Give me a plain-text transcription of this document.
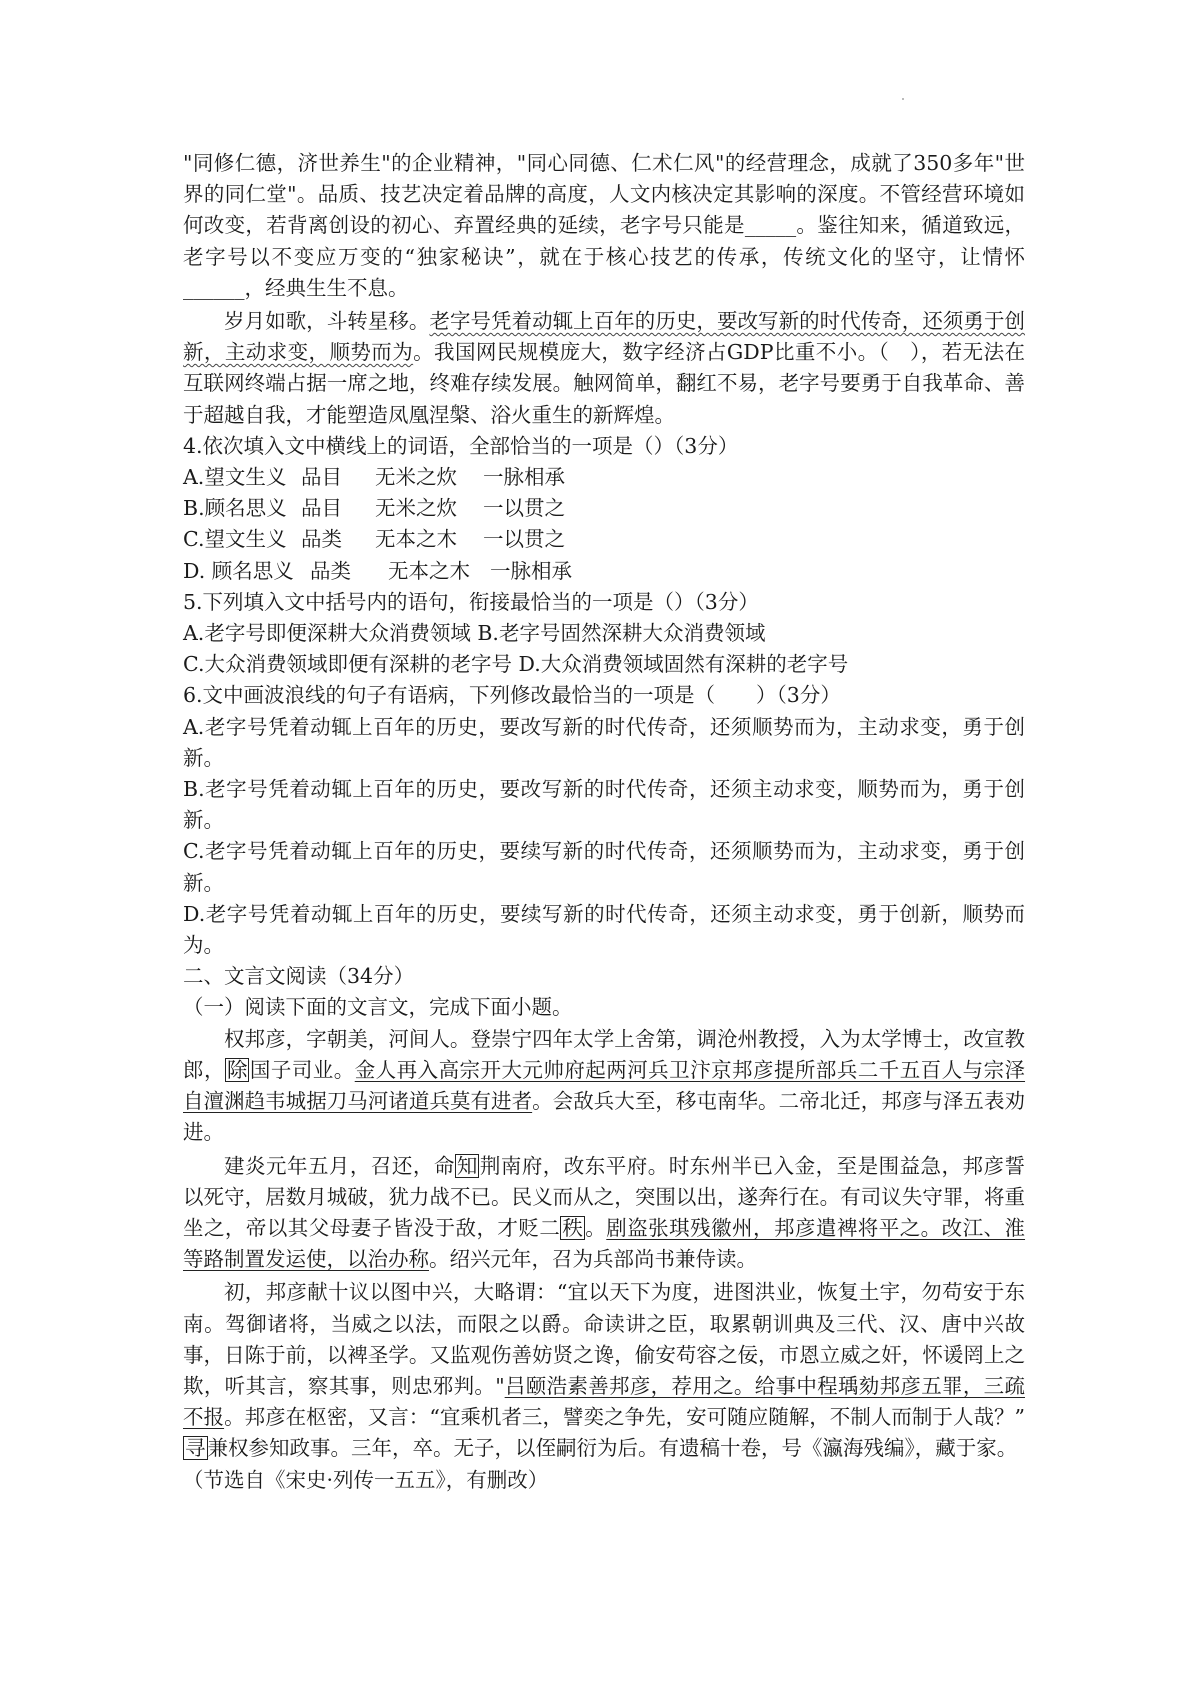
"同修仁德，济世养生"的企业精神，"同心同德、仁术仁风"的经营理念，成就了350多年"世界的同仁堂"。品质、技艺决定着品牌的高度，人文内核决定其影响的深度。不管经营环境如何改变，若背离创设的初心、弃置经典的延续，老字号只能是_____。鉴往知来，循道致远，老字号以不变应万变的“独家秘诀”，就在于核心技艺的传承，传统文化的坚守，让情怀______，经典生生不息。

岁月如歌，斗转星移。老字号凭着动辄上百年的历史，要改写新的时代传奇，还须勇于创新，主动求变，顺势而为。我国网民规模庞大，数字经济占GDP比重不小。（　），若无法在互联网终端占据一席之地，终难存续发展。触网简单，翻红不易，老字号要勇于自我革命、善于超越自我，才能塑造凤凰涅槃、浴火重生的新辉煌。

4.依次填入文中横线上的词语，全部恰当的一项是（）（3分）

A.望文生义 品目 无米之炊 一脉相承

B.顾名思义 品目 无米之炊 一以贯之

C.望文生义 品类 无本之木 一以贯之

D. 顾名思义 品类 无本之木 一脉相承

5.下列填入文中括号内的语句，衔接最恰当的一项是（）（3分）

A.老字号即便深耕大众消费领域 B.老字号固然深耕大众消费领域

C.大众消费领域即便有深耕的老字号 D.大众消费领域固然有深耕的老字号

6.文中画波浪线的句子有语病，下列修改最恰当的一项是（　　）（3分）

A.老字号凭着动辄上百年的历史，要改写新的时代传奇，还须顺势而为，主动求变，勇于创新。

B.老字号凭着动辄上百年的历史，要改写新的时代传奇，还须主动求变，顺势而为，勇于创新。

C.老字号凭着动辄上百年的历史，要续写新的时代传奇，还须顺势而为，主动求变，勇于创新。

D.老字号凭着动辄上百年的历史，要续写新的时代传奇，还须主动求变，勇于创新，顺势而为。

二、文言文阅读（34分）

（一）阅读下面的文言文，完成下面小题。

权邦彦，字朝美，河间人。登崇宁四年太学上舍第，调沧州教授，入为太学博士，改宣教郎，除国子司业。金人再入高宗开大元帅府起两河兵卫汴京邦彦提所部兵二千五百人与宗泽自澶渊趋韦城据刀马河诸道兵莫有进者。会敌兵大至，移屯南华。二帝北迁，邦彦与泽五表劝进。

建炎元年五月，召还，命知荆南府，改东平府。时东州半已入金，至是围益急，邦彦誓以死守，居数月城破，犹力战不已。民义而从之，突围以出，遂奔行在。有司议失守罪，将重坐之，帝以其父母妻子皆没于敌，才贬二秩。剧盗张琪残徽州，邦彦遣裨将平之。改江、淮等路制置发运使，以治办称。绍兴元年，召为兵部尚书兼侍读。

初，邦彦献十议以图中兴，大略谓：“宜以天下为度，进图洪业，恢复土宇，勿苟安于东南。驾御诸将，当威之以法，而限之以爵。命读讲之臣，取累朝训典及三代、汉、唐中兴故事，日陈于前，以裨圣学。又监观伤善妨贤之谗，偷安苟容之佞，市恩立威之奸，怀谖罔上之欺，听其言，察其事，则忠邪判。"吕颐浩素善邦彦，荐用之。给事中程瑀劾邦彦五罪，三疏不报。邦彦在枢密，又言：“宜乘机者三，譬奕之争先，安可随应随解，不制人而制于人哉？”寻兼权参知政事。三年，卒。无子，以侄嗣衍为后。有遗稿十卷，号《瀛海残编》，藏于家。

（节选自《宋史·列传一五五》，有删改）
